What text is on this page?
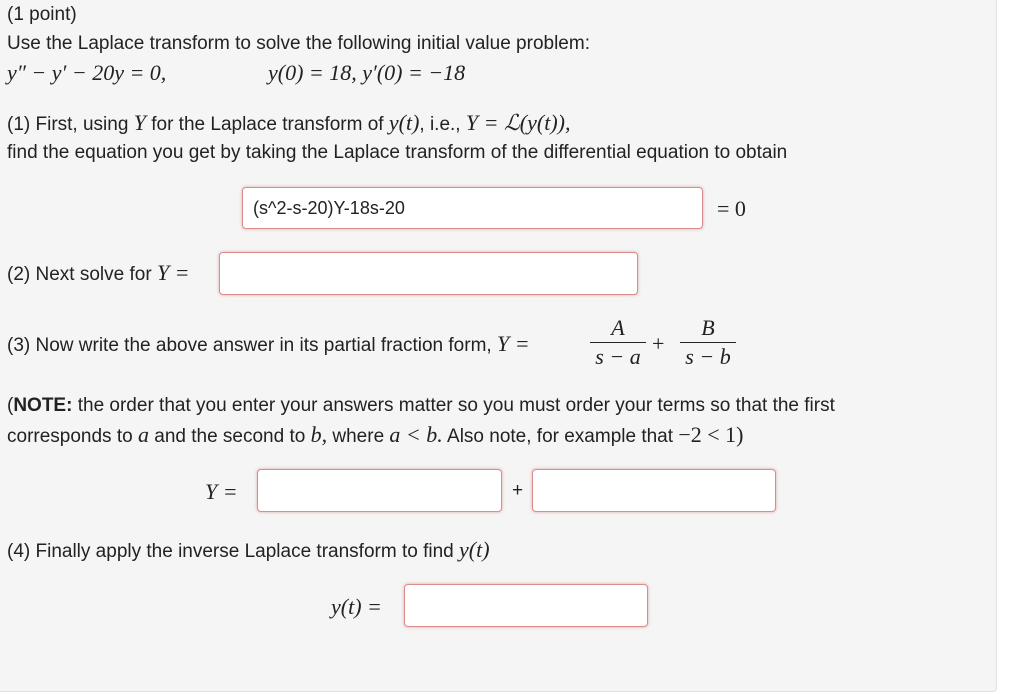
(1 point)
Use the Laplace transform to solve the following initial value problem:
y″ − y′ − 20y = 0,	y(0) = 18, y′(0) = −18
(1) First, using Y for the Laplace transform of y(t), i.e., Y = ℒ(y(t)),
find the equation you get by taking the Laplace transform of the differential equation to obtain
(s^2-s-20)Y-18s-20	= 0
(2) Next solve for Y =
(3) Now write the above answer in its partial fraction form, Y =
A
s − a
+
B
s − b
(NOTE: the order that you enter your answers matter so you must order your terms so that the first
corresponds to a and the second to b, where a < b. Also note, for example that −2 < 1)
Y =	+
(4) Finally apply the inverse Laplace transform to find y(t)
y(t) =
